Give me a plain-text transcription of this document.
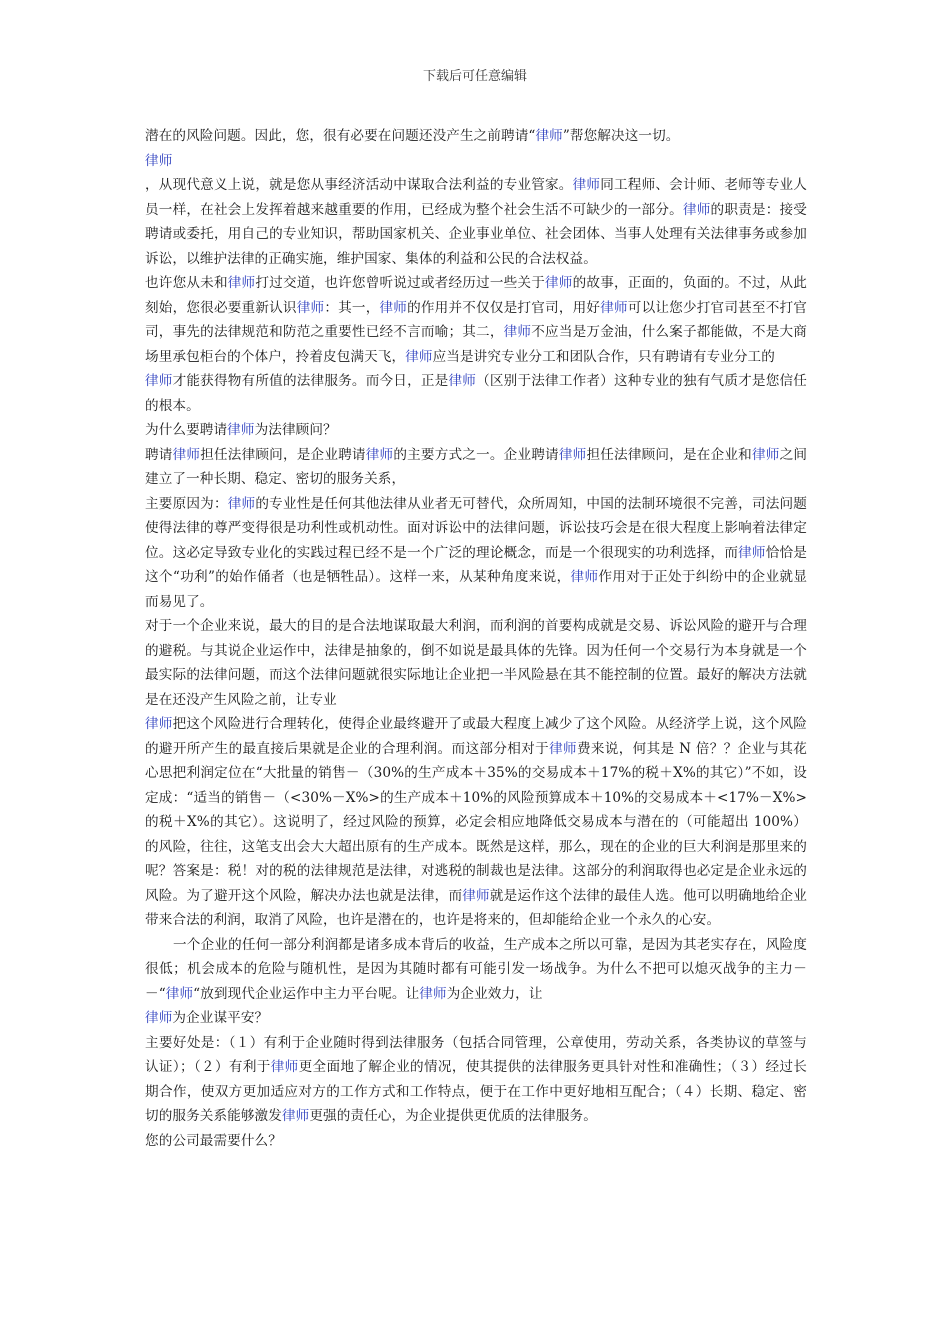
下载后可任意编辑

潜在的风险问题。因此，您，很有必要在问题还没产生之前聘请“律师”帮您解决这一切。

律师

，从现代意义上说，就是您从事经济活动中谋取合法利益的专业管家。律师同工程师、会计师、老师等专业人员一样，在社会上发挥着越来越重要的作用，已经成为整个社会生活不可缺少的一部分。律师的职责是：接受聘请或委托，用自己的专业知识，帮助国家机关、企业事业单位、社会团体、当事人处理有关法律事务或参加诉讼，以维护法律的正确实施，维护国家、集体的利益和公民的合法权益。

也许您从未和律师打过交道，也许您曾听说过或者经历过一些关于律师的故事，正面的，负面的。不过，从此刻始，您很必要重新认识律师：其一，律师的作用并不仅仅是打官司，用好律师可以让您少打官司甚至不打官司，事先的法律规范和防范之重要性已经不言而喻；其二，律师不应当是万金油，什么案子都能做，不是大商场里承包柜台的个体户，拎着皮包满天飞，律师应当是讲究专业分工和团队合作，只有聘请有专业分工的

律师才能获得物有所值的法律服务。而今日，正是律师（区别于法律工作者）这种专业的独有气质才是您信任的根本。

为什么要聘请律师为法律顾问？

聘请律师担任法律顾问，是企业聘请律师的主要方式之一。企业聘请律师担任法律顾问，是在企业和律师之间建立了一种长期、稳定、密切的服务关系，

主要原因为：律师的专业性是任何其他法律从业者无可替代，众所周知，中国的法制环境很不完善，司法问题使得法律的尊严变得很是功利性或机动性。面对诉讼中的法律问题，诉讼技巧会是在很大程度上影响着法律定位。这必定导致专业化的实践过程已经不是一个广泛的理论概念，而是一个很现实的功利选择，而律师恰恰是这个“功利”的始作俑者（也是牺牲品）。这样一来，从某种角度来说，律师作用对于正处于纠纷中的企业就显而易见了。

对于一个企业来说，最大的目的是合法地谋取最大利润，而利润的首要构成就是交易、诉讼风险的避开与合理的避税。与其说企业运作中，法律是抽象的，倒不如说是最具体的先锋。因为任何一个交易行为本身就是一个最实际的法律问题，而这个法律问题就很实际地让企业把一半风险悬在其不能控制的位置。最好的解决方法就是在还没产生风险之前，让专业

律师把这个风险进行合理转化，使得企业最终避开了或最大程度上减少了这个风险。从经济学上说，这个风险的避开所产生的最直接后果就是企业的合理利润。而这部分相对于律师费来说，何其是 N 倍？？企业与其花心思把利润定位在“大批量的销售－（30%的生产成本＋35%的交易成本＋17%的税＋X%的其它）”不如，设定成：“适当的销售－（<30%－X%>的生产成本＋10%的风险预算成本＋10%的交易成本＋<17%－X%>的税＋X%的其它）。这说明了，经过风险的预算，必定会相应地降低交易成本与潜在的（可能超出 100%）的风险，往往，这笔支出会大大超出原有的生产成本。既然是这样，那么，现在的企业的巨大利润是那里来的呢？答案是：税！对的税的法律规范是法律，对逃税的制裁也是法律。这部分的利润取得也必定是企业永远的风险。为了避开这个风险，解决办法也就是法律，而律师就是运作这个法律的最佳人选。他可以明确地给企业带来合法的利润，取消了风险，也许是潜在的，也许是将来的，但却能给企业一个永久的心安。

一个企业的任何一部分利润都是诸多成本背后的收益，生产成本之所以可靠，是因为其老实存在，风险度很低；机会成本的危险与随机性，是因为其随时都有可能引发一场战争。为什么不把可以熄灭战争的主力－－“律师“放到现代企业运作中主力平台呢。让律师为企业效力，让

律师为企业谋平安？

主要好处是：（１）有利于企业随时得到法律服务（包括合同管理，公章使用，劳动关系，各类协议的草签与认证）；（２）有利于律师更全面地了解企业的情况，使其提供的法律服务更具针对性和准确性；（３）经过长期合作，使双方更加适应对方的工作方式和工作特点，便于在工作中更好地相互配合；（４）长期、稳定、密切的服务关系能够激发律师更强的责任心，为企业提供更优质的法律服务。

您的公司最需要什么？
